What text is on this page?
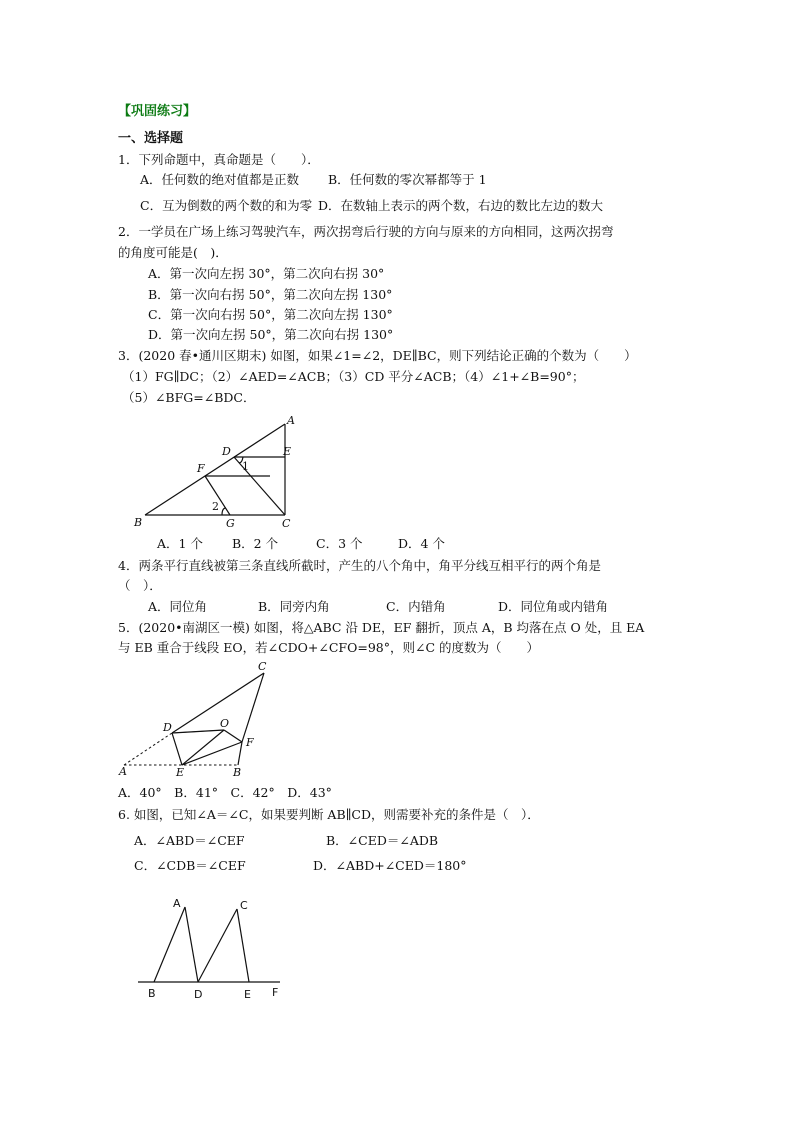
【巩固练习】
一、选择题
1．下列命题中，真命题是（　　）．
A．任何数的绝对值都是正数 B．任何数的零次幂都等于 1
C．互为倒数的两个数的和为零 D．在数轴上表示的两个数，右边的数比左边的数大
2．一学员在广场上练习驾驶汽车，两次拐弯后行驶的方向与原来的方向相同，这两次拐弯
的角度可能是(　)．
A．第一次向左拐 30°，第二次向右拐 30°
B．第一次向右拐 50°，第二次向左拐 130°
C．第一次向右拐 50°，第二次向左拐 130°
D．第一次向左拐 50°，第二次向右拐 130°
3．(2020 春•通川区期末) 如图，如果∠1=∠2，DE∥BC，则下列结论正确的个数为（　　）
（1）FG∥DC；（2）∠AED=∠ACB；（3）CD 平分∠ACB；（4）∠1+∠B=90°；
（5）∠BFG=∠BDC．
A
D	E
1
F
2
B	G	C
A．1 个 B．2 个	C．3 个	D．4 个
4．两条平行直线被第三条直线所截时，产生的八个角中，角平分线互相平行的两个角是
（　）．
A．同位角	B．同旁内角	C．内错角	D．同位角或内错角
5．(2020•南湖区一模) 如图，将△ABC 沿 DE，EF 翻折，顶点 A，B 均落在点 O 处，且 EA
与 EB 重合于线段 EO，若∠CDO+∠CFO=98°，则∠C 的度数为（　　）
C
O
D
F
A	E	B
A．40°　B．41°　C．42°　D．43°
6. 如图，已知∠A＝∠C，如果要判断 AB∥CD，则需要补充的条件是（　）．
A．∠ABD＝∠CEF	B．∠CED＝∠ADB
C．∠CDB＝∠CEF	D．∠ABD+∠CED＝180°
A	C
B	D	E F
